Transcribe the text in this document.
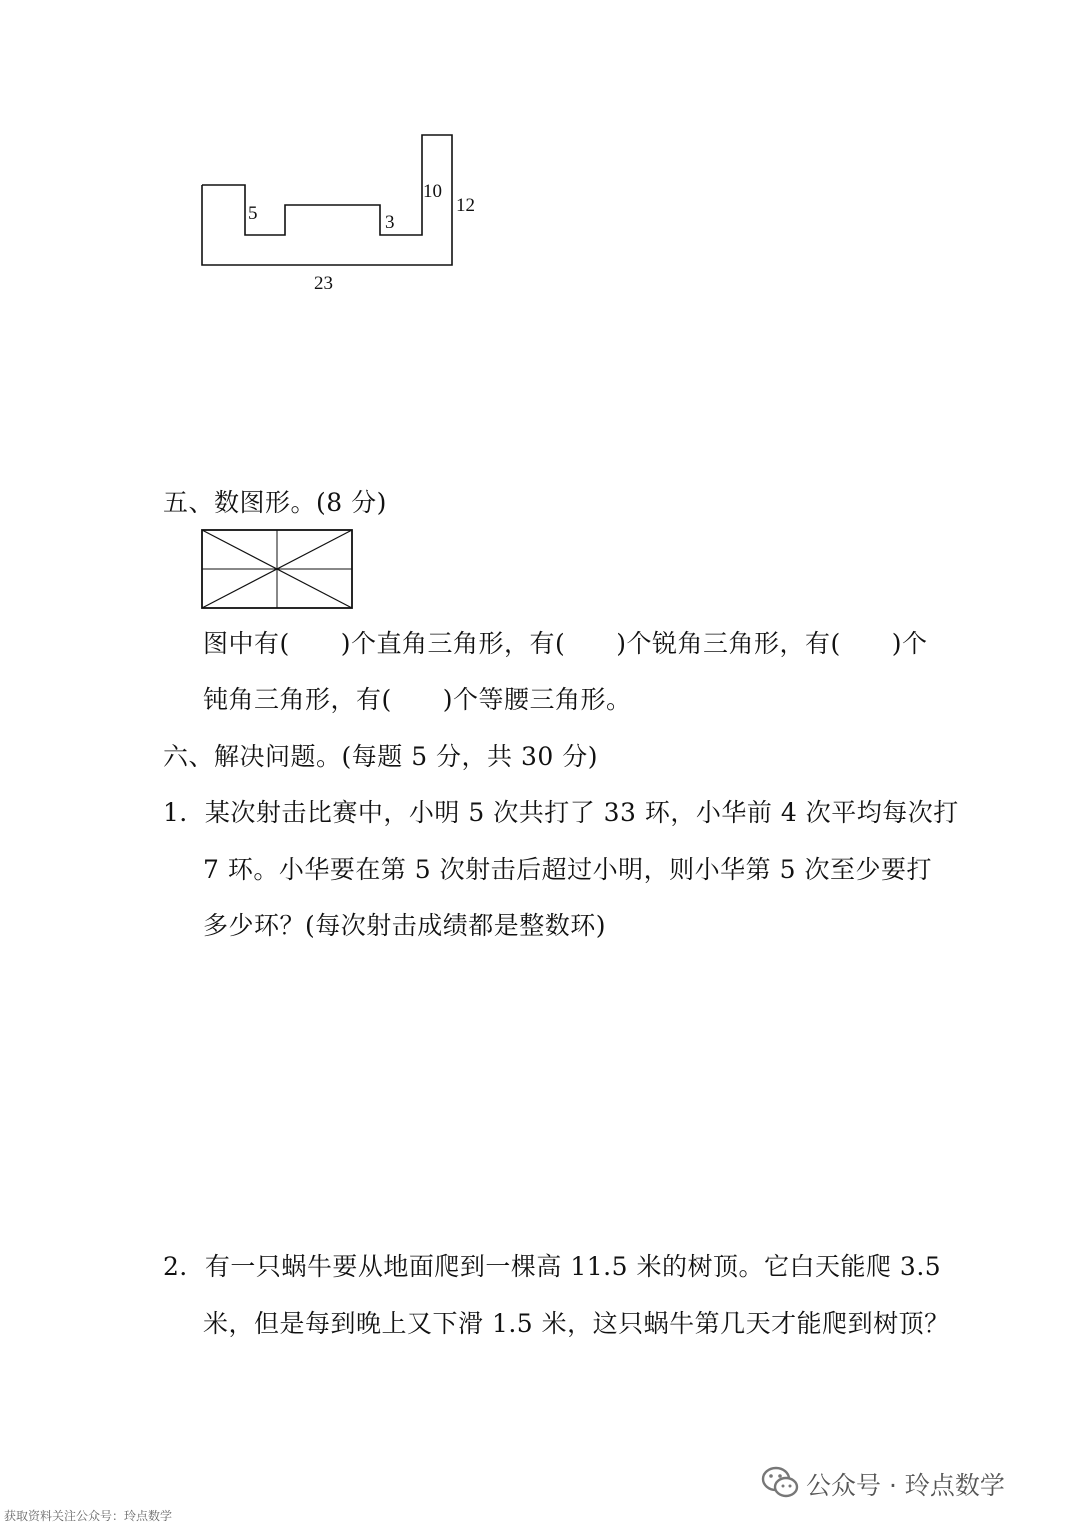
5	3
10
12
23
五、数图形。(8 分)
图中有(　　)个直角三角形，有(　　)个锐角三角形，有(　　)个
钝角三角形，有(　　)个等腰三角形。
六、解决问题。(每题 5 分，共 30 分)
1．某次射击比赛中，小明 5 次共打了 33 环，小华前 4 次平均每次打
7 环。小华要在第 5 次射击后超过小明，则小华第 5 次至少要打
多少环？(每次射击成绩都是整数环)
2．有一只蜗牛要从地面爬到一棵高 11.5 米的树顶。它白天能爬 3.5
米，但是每到晚上又下滑 1.5 米，这只蜗牛第几天才能爬到树顶？
公众号 · 玲点数学
获取资料关注公众号：玲点数学
